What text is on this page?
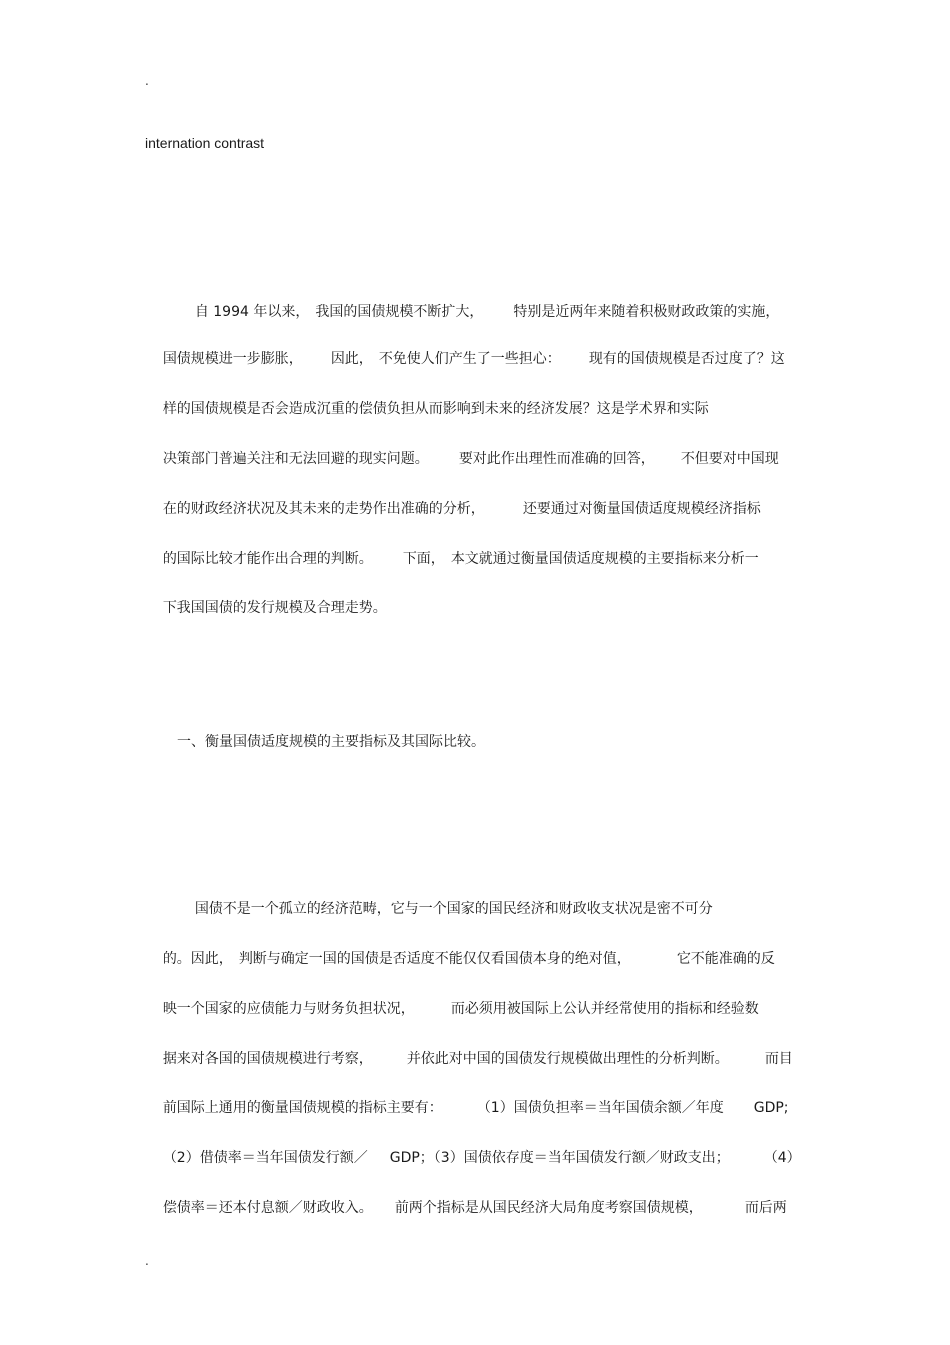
.
internation contrast

自 1994 年以来， 我国的国债规模不断扩大， 特别是近两年来随着积极财政政策的实施，

国债规模进一步膨胀， 因此， 不免使人们产生了一些担心： 现有的国债规模是否过度了？这

样的国债规模是否会造成沉重的偿债负担从而影响到未来的经济发展？这是学术界和实际

决策部门普遍关注和无法回避的现实问题。 要对此作出理性而准确的回答， 不但要对中国现

在的财政经济状况及其未来的走势作出准确的分析，	还要通过对衡量国债适度规模经济指标

的国际比较才能作出合理的判断。 下面， 本文就通过衡量国债适度规模的主要指标来分析一

下我国国债的发行规模及合理走势。

一、衡量国债适度规模的主要指标及其国际比较。

国债不是一个孤立的经济范畴，它与一个国家的国民经济和财政收支状况是密不可分

的。因此， 判断与确定一国的国债是否适度不能仅仅看国债本身的绝对值，	它不能准确的反

映一个国家的应债能力与财务负担状况，	而必须用被国际上公认并经常使用的指标和经验数

据来对各国的国债规模进行考察， 并依此对中国的国债发行规模做出理性的分析判断。	而目

前国际上通用的衡量国债规模的指标主要有： （1）国债负担率＝当年国债余额／年度 GDP;

（2）借债率＝当年国债发行额／ GDP；（3）国债依存度＝当年国债发行额／财政支出； （4）

偿债率＝还本付息额／财政收入。 前两个指标是从国民经济大局角度考察国债规模，	而后两

.
